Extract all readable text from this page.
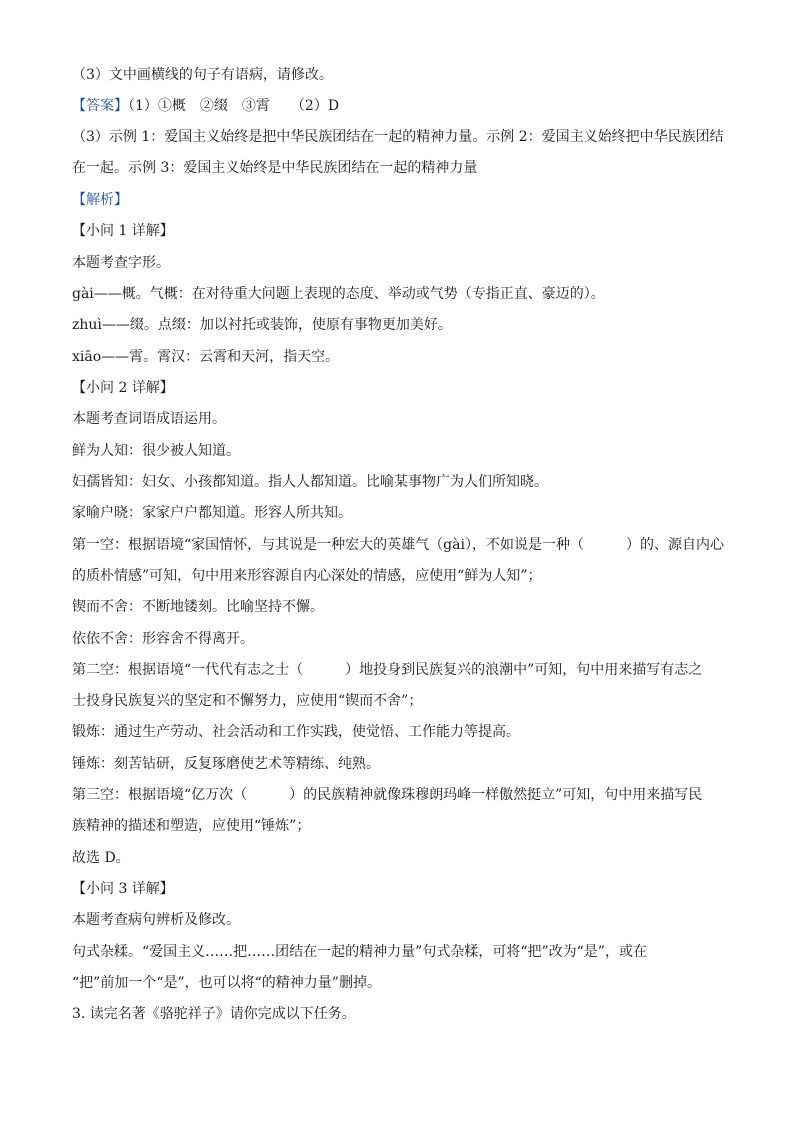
（3）文中画横线的句子有语病，请修改。
【答案】（1）①概　②缀　③霄　　（2）D
（3）示例 1：爱国主义始终是把中华民族团结在一起的精神力量。示例 2：爱国主义始终把中华民族团结
在一起。示例 3：爱国主义始终是中华民族团结在一起的精神力量
【解析】
【小问 1 详解】
本题考查字形。
gài——概。气概：在对待重大问题上表现的态度、举动或气势（专指正直、豪迈的）。
zhuì——缀。点缀：加以衬托或装饰，使原有事物更加美好。
xiāo——霄。霄汉：云霄和天河，指天空。
【小问 2 详解】
本题考查词语成语运用。
鲜为人知：很少被人知道。
妇孺皆知：妇女、小孩都知道。指人人都知道。比喻某事物广为人们所知晓。
家喻户晓：家家户户都知道。形容人所共知。
第一空：根据语境“家国情怀，与其说是一种宏大的英雄气（gài），不如说是一种（　　　）的、源自内心
的质朴情感”可知，句中用来形容源自内心深处的情感，应使用“鲜为人知”；
锲而不舍：不断地镂刻。比喻坚持不懈。
依依不舍：形容舍不得离开。
第二空：根据语境“一代代有志之士（　　　）地投身到民族复兴的浪潮中”可知，句中用来描写有志之
士投身民族复兴的坚定和不懈努力，应使用“锲而不舍”；
锻炼：通过生产劳动、社会活动和工作实践，使觉悟、工作能力等提高。
锤炼：刻苦钻研，反复琢磨使艺术等精练、纯熟。
第三空：根据语境“亿万次（　　　）的民族精神就像珠穆朗玛峰一样傲然挺立”可知，句中用来描写民
族精神的描述和塑造，应使用“锤炼”；
故选 D。
【小问 3 详解】
本题考查病句辨析及修改。
句式杂糅。“爱国主义……把……团结在一起的精神力量”句式杂糅，可将“把”改为“是”，或在
“把”前加一个“是”，也可以将“的精神力量”删掉。
3. 读完名著《骆驼祥子》请你完成以下任务。
